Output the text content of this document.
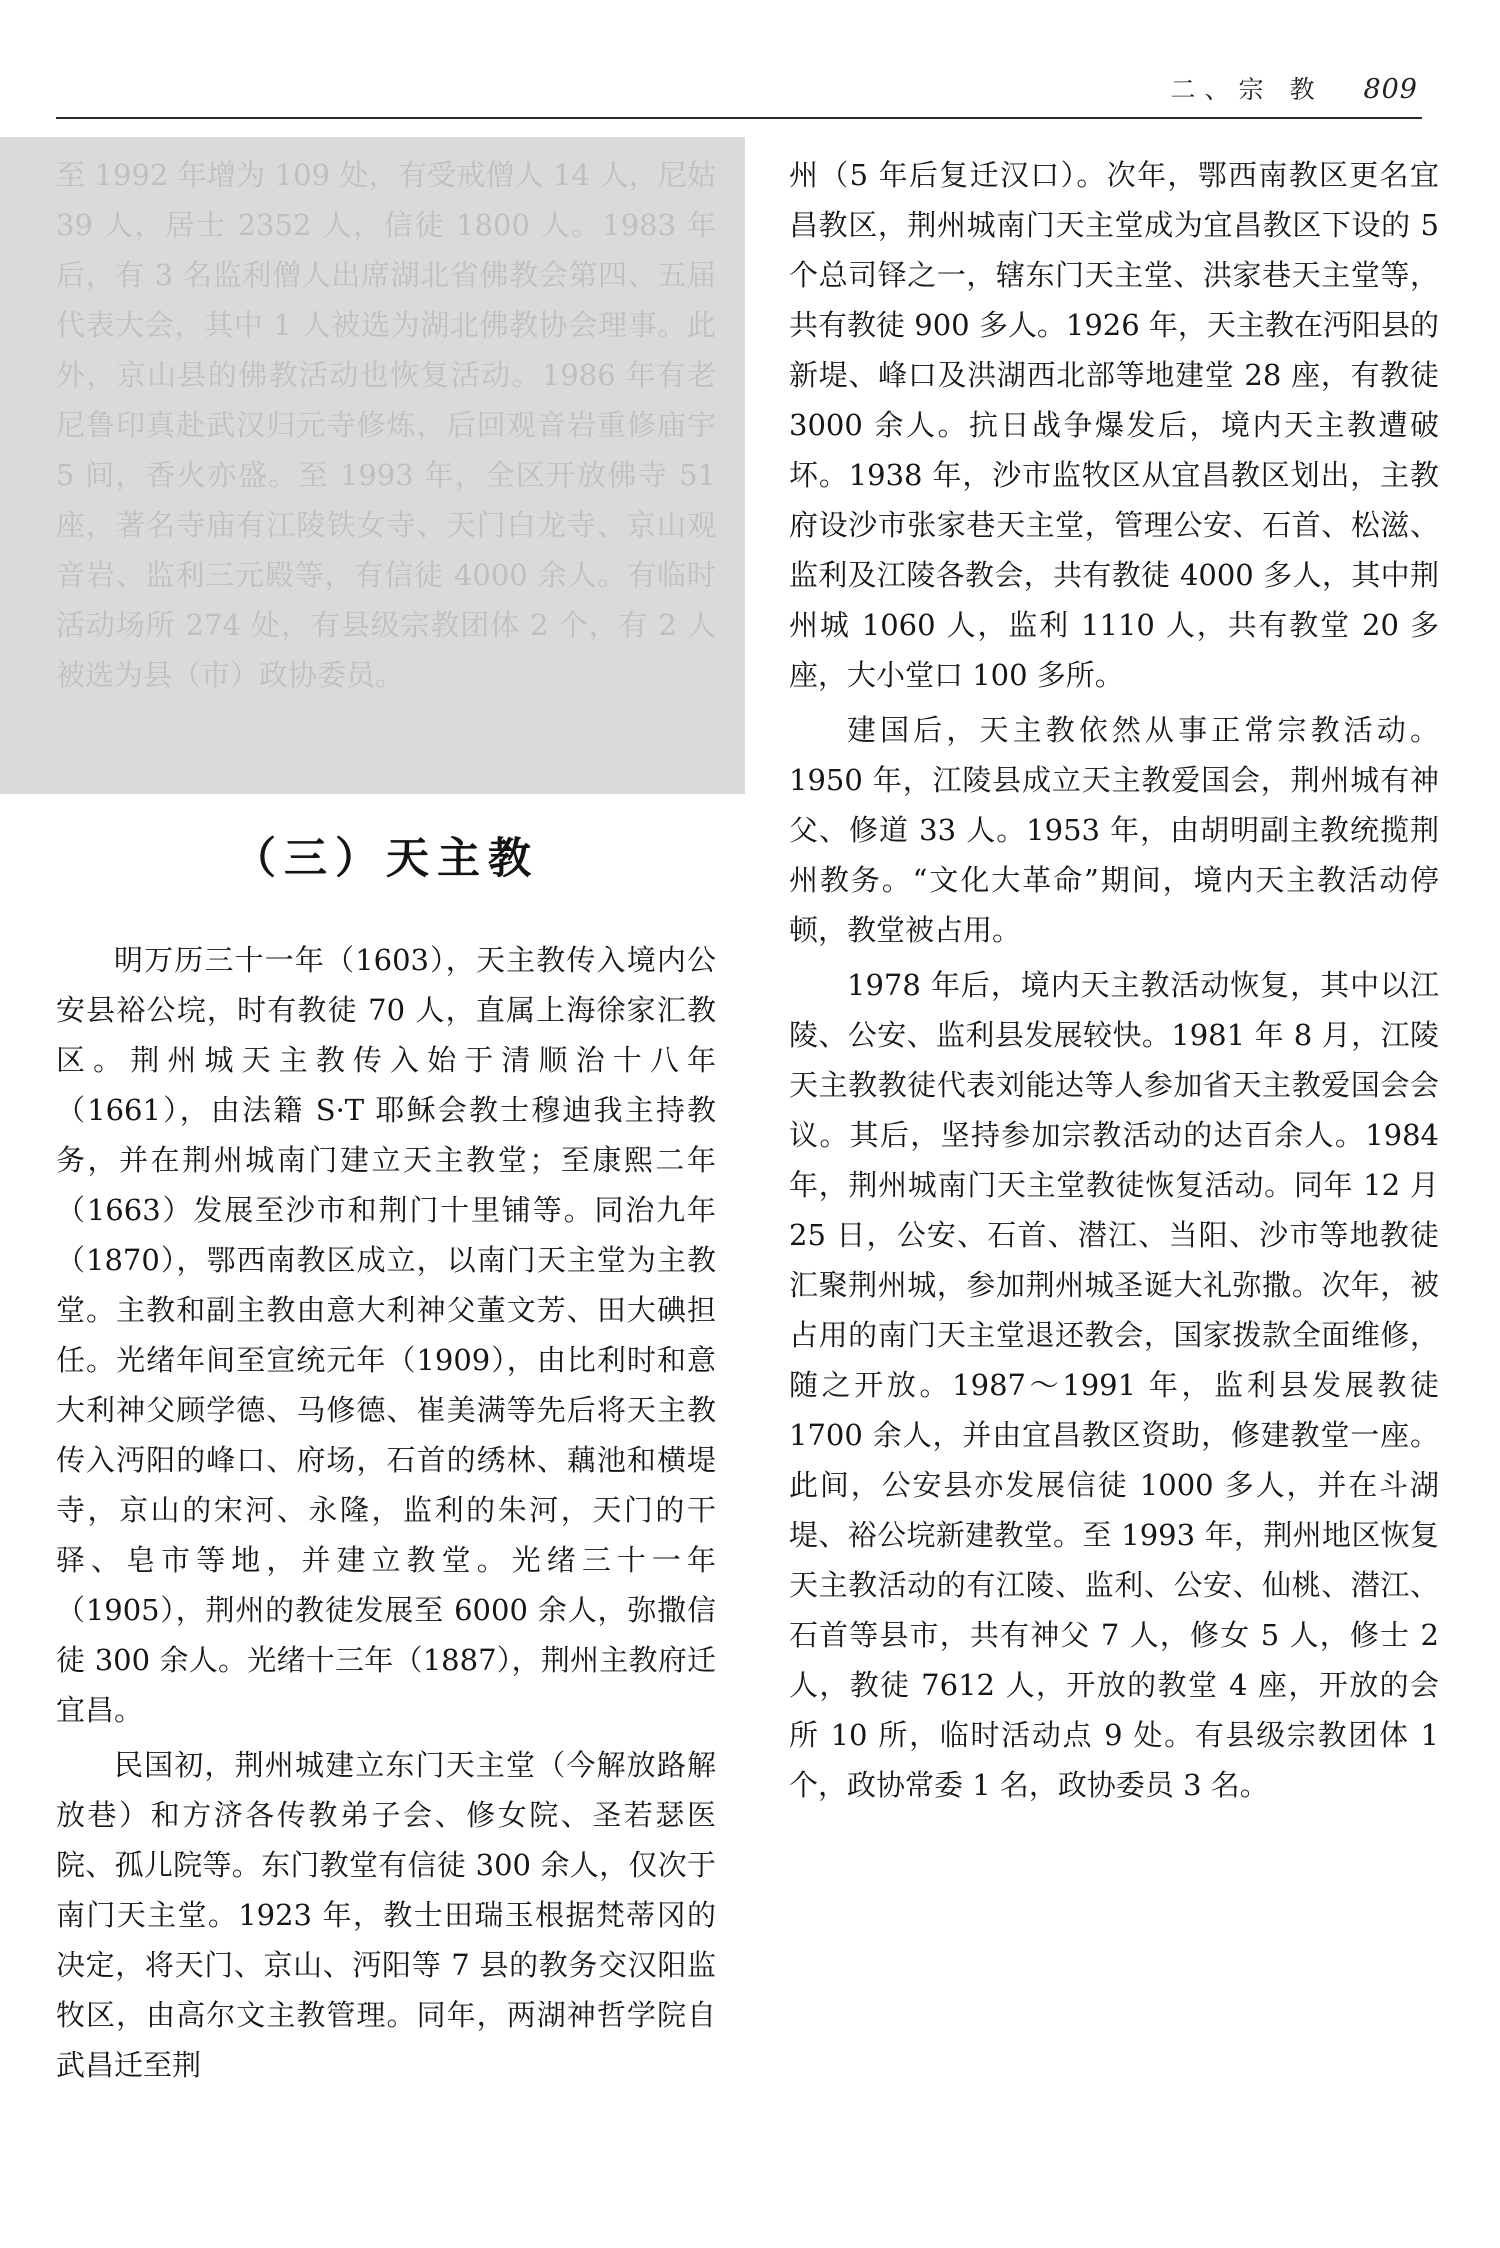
二、宗 教 809

至 1992 年增为 109 处，有受戒僧人 14 人，尼姑 39 人，居士 2352 人，信徒 1800 人。1983 年后，有 3 名监利僧人出席湖北省佛教会第四、五届代表大会，其中 1 人被选为湖北佛教协会理事。此外，京山县的佛教活动也恢复活动。1986 年有老尼鲁印真赴武汉归元寺修炼，后回观音岩重修庙宇 5 间，香火亦盛。至 1993 年，全区开放佛寺 51 座，著名寺庙有江陵铁女寺、天门白龙寺、京山观音岩、监利三元殿等，有信徒 4000 余人。有临时活动场所 274 处，有县级宗教团体 2 个，有 2 人被选为县（市）政协委员。

（三）天主教

明万历三十一年（1603），天主教传入境内公安县裕公垸，时有教徒 70 人，直属上海徐家汇教区。荆州城天主教传入始于清顺治十八年（1661），由法籍 S·T 耶稣会教士穆迪我主持教务，并在荆州城南门建立天主教堂；至康熙二年（1663）发展至沙市和荆门十里铺等。同治九年（1870），鄂西南教区成立，以南门天主堂为主教堂。主教和副主教由意大利神父董文芳、田大碘担任。光绪年间至宣统元年（1909），由比利时和意大利神父顾学德、马修德、崔美满等先后将天主教传入沔阳的峰口、府场，石首的绣林、藕池和横堤寺，京山的宋河、永隆，监利的朱河，天门的干驿、皂市等地，并建立教堂。光绪三十一年（1905），荆州的教徒发展至 6000 余人，弥撒信徒 300 余人。光绪十三年（1887），荆州主教府迁宜昌。

民国初，荆州城建立东门天主堂（今解放路解放巷）和方济各传教弟子会、修女院、圣若瑟医院、孤儿院等。东门教堂有信徒 300 余人，仅次于南门天主堂。1923 年，教士田瑞玉根据梵蒂冈的决定，将天门、京山、沔阳等 7 县的教务交汉阳监牧区，由高尔文主教管理。同年，两湖神哲学院自武昌迁至荆

州（5 年后复迁汉口）。次年，鄂西南教区更名宜昌教区，荆州城南门天主堂成为宜昌教区下设的 5 个总司铎之一，辖东门天主堂、洪家巷天主堂等，共有教徒 900 多人。1926 年，天主教在沔阳县的新堤、峰口及洪湖西北部等地建堂 28 座，有教徒 3000 余人。抗日战争爆发后，境内天主教遭破坏。1938 年，沙市监牧区从宜昌教区划出，主教府设沙市张家巷天主堂，管理公安、石首、松滋、监利及江陵各教会，共有教徒 4000 多人，其中荆州城 1060 人，监利 1110 人，共有教堂 20 多座，大小堂口 100 多所。

建国后，天主教依然从事正常宗教活动。1950 年，江陵县成立天主教爱国会，荆州城有神父、修道 33 人。1953 年，由胡明副主教统揽荆州教务。“文化大革命”期间，境内天主教活动停顿，教堂被占用。

1978 年后，境内天主教活动恢复，其中以江陵、公安、监利县发展较快。1981 年 8 月，江陵天主教教徒代表刘能达等人参加省天主教爱国会会议。其后，坚持参加宗教活动的达百余人。1984 年，荆州城南门天主堂教徒恢复活动。同年 12 月 25 日，公安、石首、潜江、当阳、沙市等地教徒汇聚荆州城，参加荆州城圣诞大礼弥撒。次年，被占用的南门天主堂退还教会，国家拨款全面维修，随之开放。1987～1991 年，监利县发展教徒 1700 余人，并由宜昌教区资助，修建教堂一座。此间，公安县亦发展信徒 1000 多人，并在斗湖堤、裕公垸新建教堂。至 1993 年，荆州地区恢复天主教活动的有江陵、监利、公安、仙桃、潜江、石首等县市，共有神父 7 人，修女 5 人，修士 2 人，教徒 7612 人，开放的教堂 4 座，开放的会所 10 所，临时活动点 9 处。有县级宗教团体 1 个，政协常委 1 名，政协委员 3 名。
